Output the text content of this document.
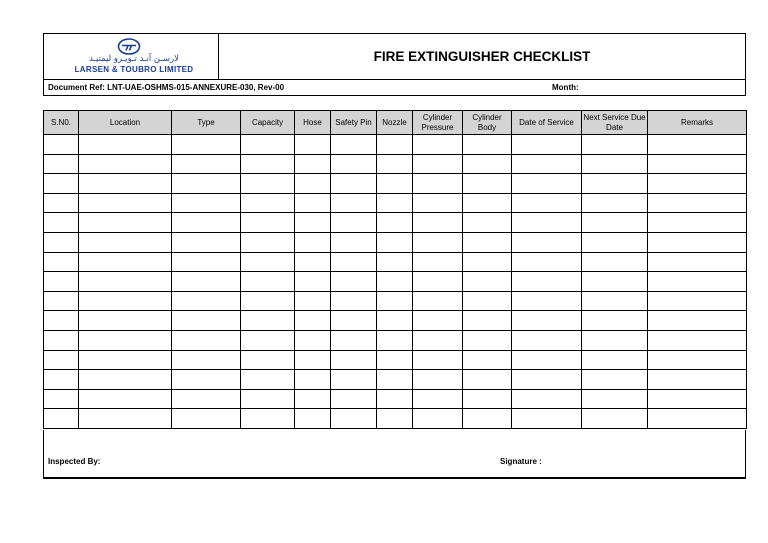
لارسـن آنـد تـويـرو ليمتيـد
LARSEN & TOUBRO LIMITED
FIRE EXTINGUISHER CHECKLIST
Document Ref: LNT-UAE-OSHMS-015-ANNEXURE-030, Rev-00	Month:
S.N0.	Location	Type	Capacity	Hose	Safety Pin	Nozzle	Cylinder Pressure	Cylinder Body	Date of Service	Next Service Due Date	Remarks

Inspected By:	Signature :
